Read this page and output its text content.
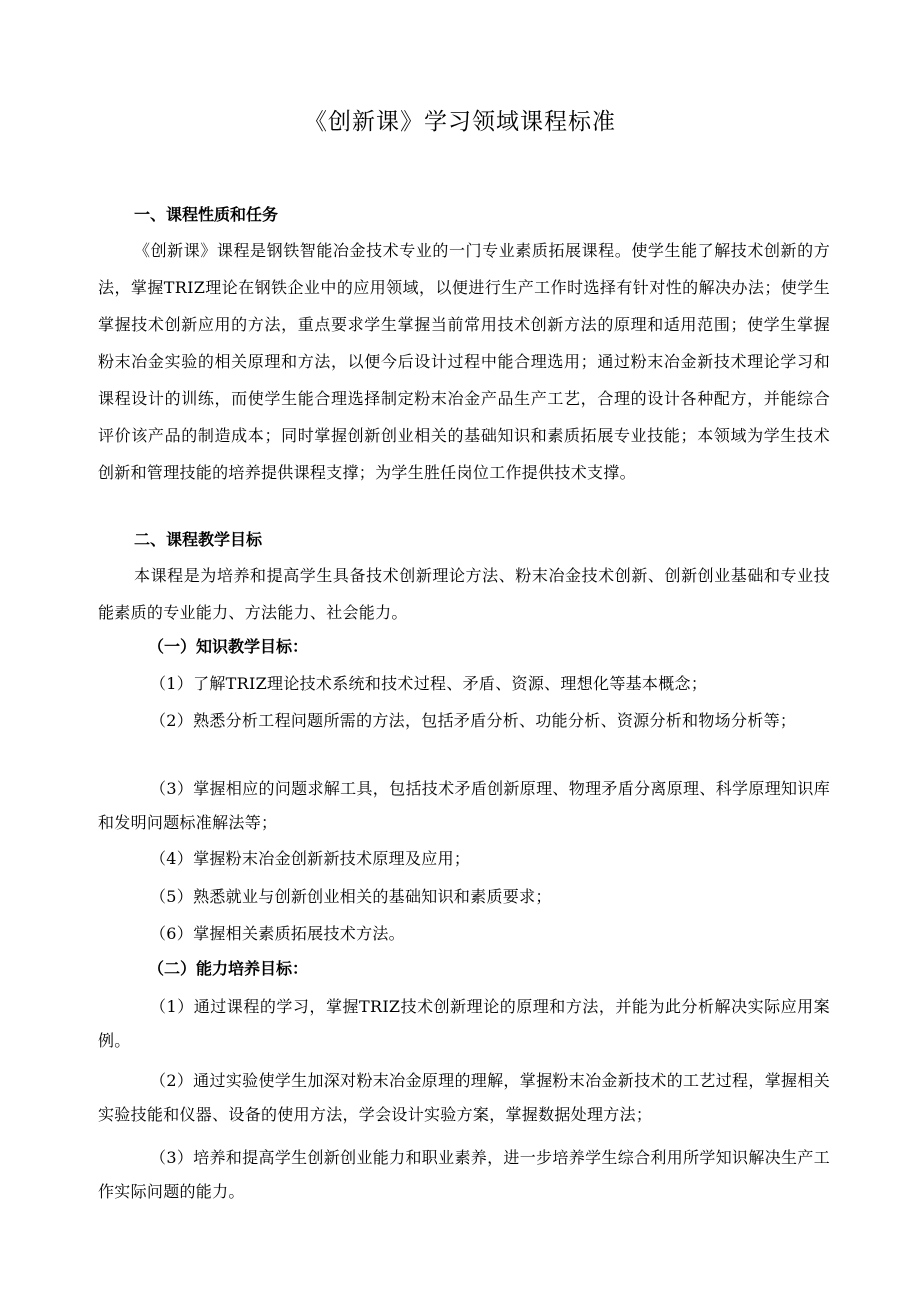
《创新课》学习领域课程标准
一、课程性质和任务
《创新课》课程是钢铁智能冶金技术专业的一门专业素质拓展课程。使学生能了解技术创新的方法，掌握TRIZ理论在钢铁企业中的应用领域，以便进行生产工作时选择有针对性的解决办法；使学生掌握技术创新应用的方法，重点要求学生掌握当前常用技术创新方法的原理和适用范围；使学生掌握粉末冶金实验的相关原理和方法，以便今后设计过程中能合理选用；通过粉末冶金新技术理论学习和课程设计的训练，而使学生能合理选择制定粉末冶金产品生产工艺，合理的设计各种配方，并能综合评价该产品的制造成本；同时掌握创新创业相关的基础知识和素质拓展专业技能；本领域为学生技术创新和管理技能的培养提供课程支撑；为学生胜任岗位工作提供技术支撑。
二、课程教学目标
本课程是为培养和提高学生具备技术创新理论方法、粉末冶金技术创新、创新创业基础和专业技能素质的专业能力、方法能力、社会能力。
（一）知识教学目标：
（1）了解TRIZ理论技术系统和技术过程、矛盾、资源、理想化等基本概念；
（2）熟悉分析工程问题所需的方法，包括矛盾分析、功能分析、资源分析和物场分析等；
（3）掌握相应的问题求解工具，包括技术矛盾创新原理、物理矛盾分离原理、科学原理知识库和发明问题标准解法等；
（4）掌握粉末冶金创新新技术原理及应用；
（5）熟悉就业与创新创业相关的基础知识和素质要求；
（6）掌握相关素质拓展技术方法。
（二）能力培养目标：
（1）通过课程的学习，掌握TRIZ技术创新理论的原理和方法，并能为此分析解决实际应用案例。
（2）通过实验使学生加深对粉末冶金原理的理解，掌握粉末冶金新技术的工艺过程，掌握相关实验技能和仪器、设备的使用方法，学会设计实验方案，掌握数据处理方法；
（3）培养和提高学生创新创业能力和职业素养，进一步培养学生综合利用所学知识解决生产工作实际问题的能力。
